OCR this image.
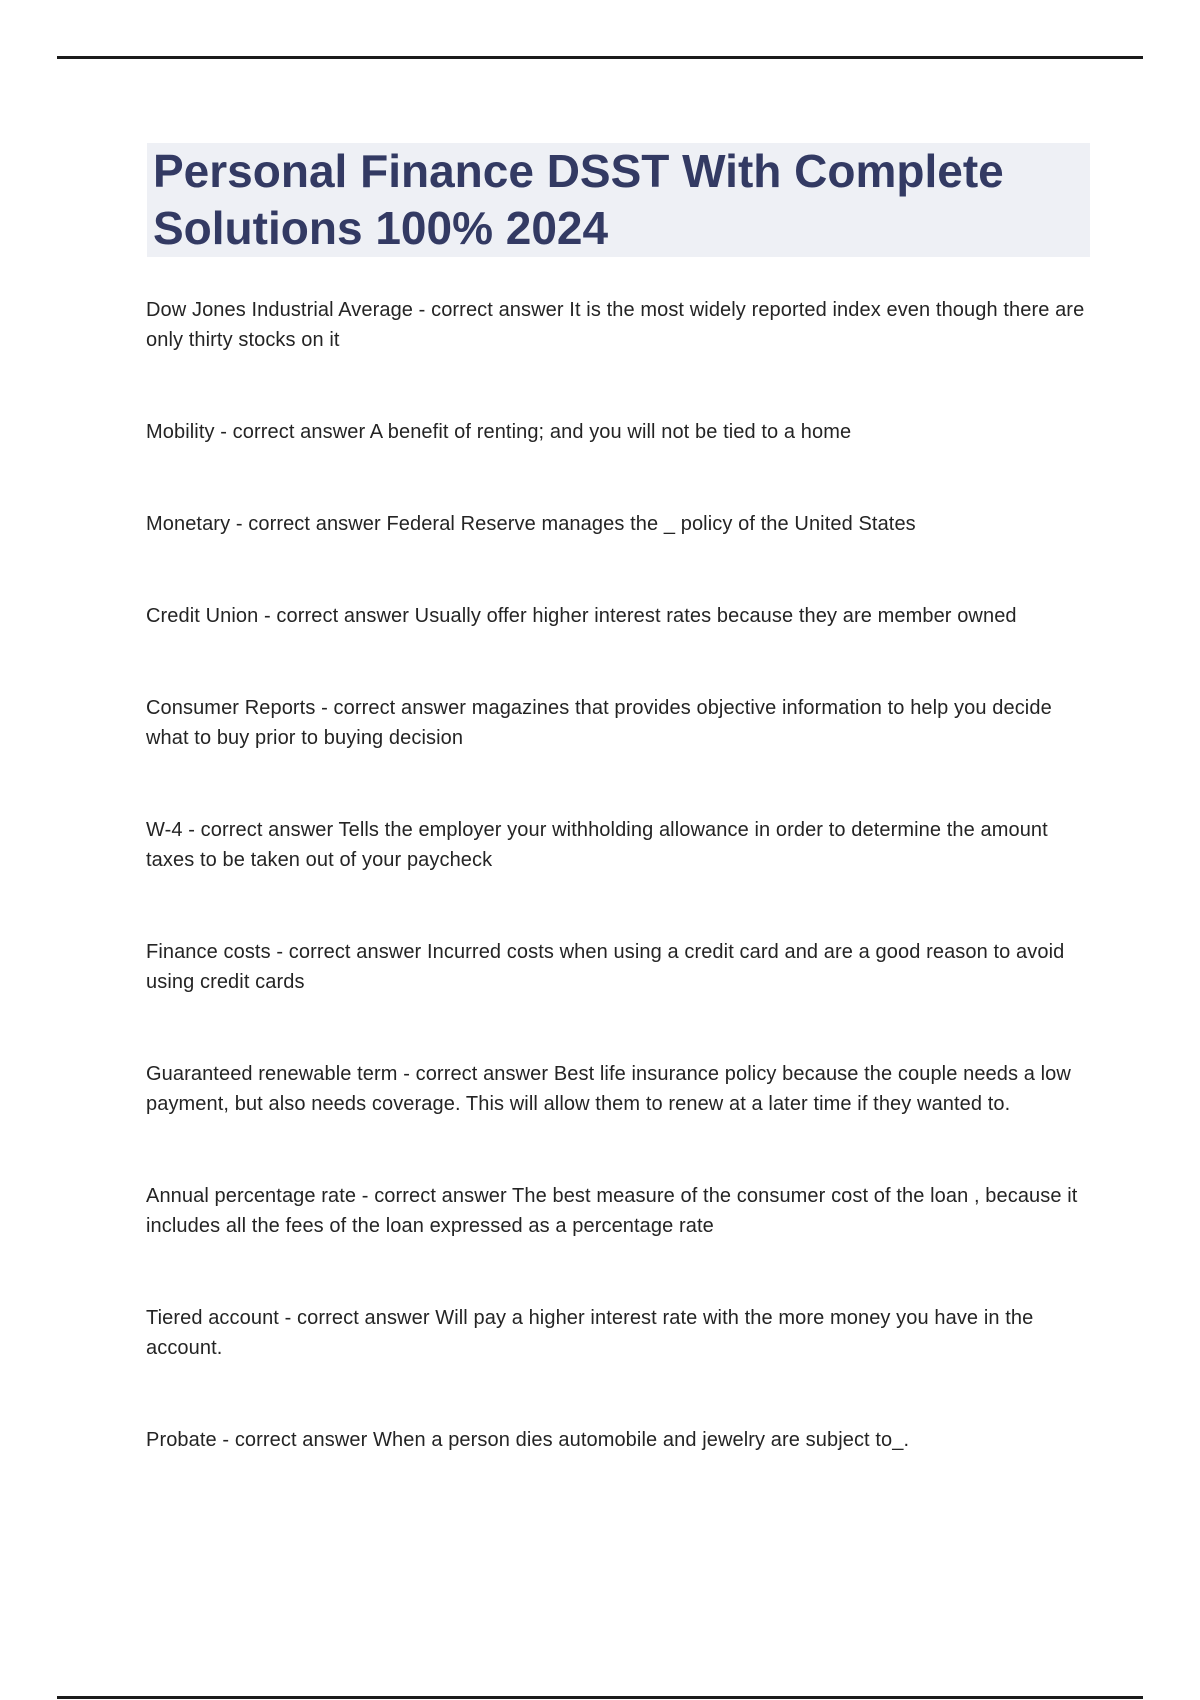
Personal Finance DSST With Complete Solutions 100% 2024

Dow Jones Industrial Average - correct answer It is the most widely reported index even though there are only thirty stocks on it

Mobility - correct answer A benefit of renting; and you will not be tied to a home

Monetary - correct answer Federal Reserve manages the _ policy of the United States

Credit Union - correct answer Usually offer higher interest rates because they are member owned

Consumer Reports - correct answer magazines that provides objective information to help you decide what to buy prior to buying decision

W-4 - correct answer Tells the employer your withholding allowance in order to determine the amount taxes to be taken out of your paycheck

Finance costs - correct answer Incurred costs when using a credit card and are a good reason to avoid using credit cards

Guaranteed renewable term - correct answer Best life insurance policy because the couple needs a low payment, but also needs coverage. This will allow them to renew at a later time if they wanted to.

Annual percentage rate - correct answer The best measure of the consumer cost of the loan , because it includes all the fees of the loan expressed as a percentage rate

Tiered account - correct answer Will pay a higher interest rate with the more money you have in the account.

Probate - correct answer When a person dies automobile and jewelry are subject to_.
